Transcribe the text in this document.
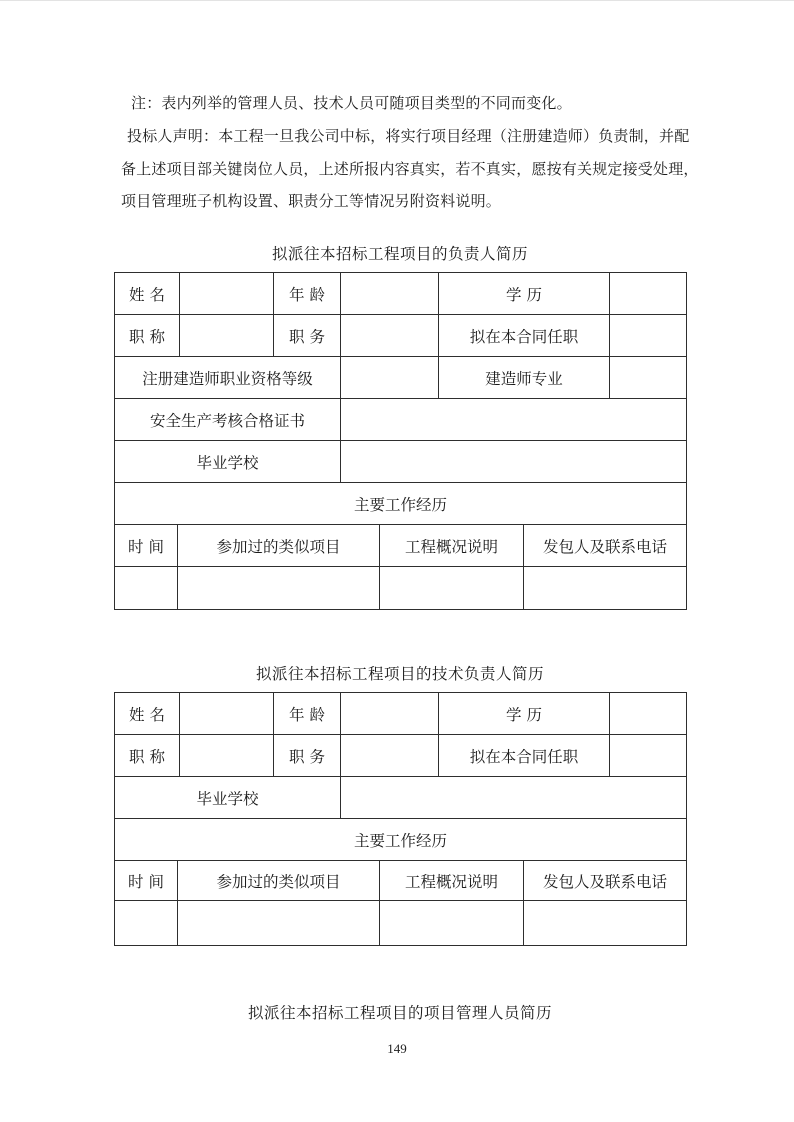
注：表内列举的管理人员、技术人员可随项目类型的不同而变化。
投标人声明：本工程一旦我公司中标，将实行项目经理（注册建造师）负责制，并配
备上述项目部关键岗位人员，上述所报内容真实，若不真实，愿按有关规定接受处理，
项目管理班子机构设置、职责分工等情况另附资料说明。
拟派往本招标工程项目的负责人简历
姓名		年龄		学历	
职称		职务		拟在本合同任职	
注册建造师职业资格等级				建造师专业	
安全生产考核合格证书					
毕业学校					
主要工作经历					
时间	参加过的类似项目	工程概况说明	发包人及联系电话

拟派往本招标工程项目的技术负责人简历
姓名		年龄		学历	
职称		职务		拟在本合同任职	
毕业学校					
主要工作经历					
时间	参加过的类似项目	工程概况说明	发包人及联系电话

拟派往本招标工程项目的项目管理人员简历
149
